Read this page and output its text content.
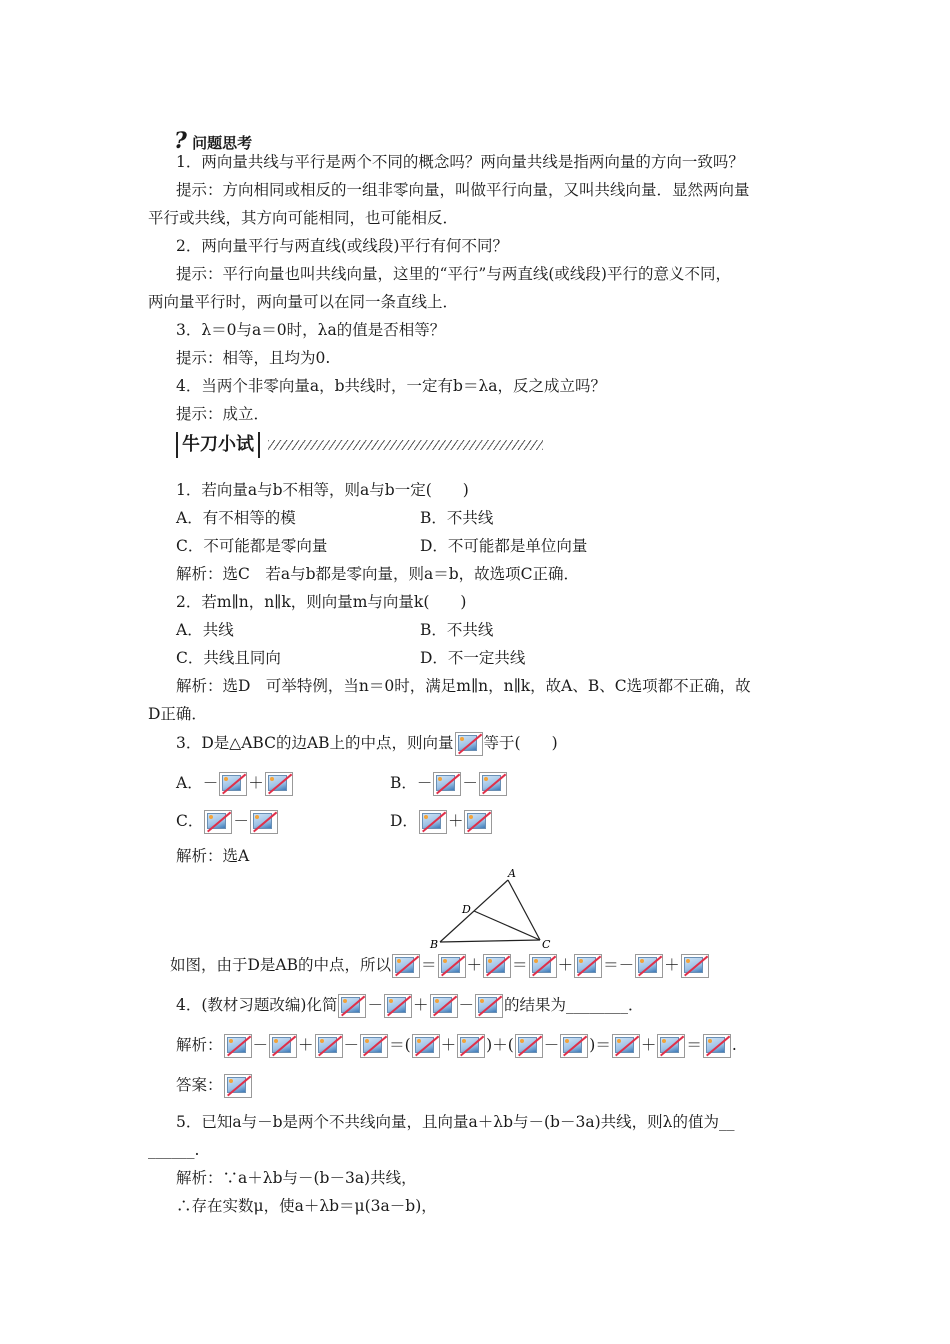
? 问题思考
1．两向量共线与平行是两个不同的概念吗？两向量共线是指两向量的方向一致吗？
提示：方向相同或相反的一组非零向量，叫做平行向量，又叫共线向量．显然两向量
平行或共线，其方向可能相同，也可能相反．
2．两向量平行与两直线(或线段)平行有何不同？
提示：平行向量也叫共线向量，这里的“平行”与两直线(或线段)平行的意义不同，
两向量平行时，两向量可以在同一条直线上．
3．λ＝0与a＝0时，λa的值是否相等？
提示：相等，且均为0.
4．当两个非零向量a，b共线时，一定有b＝λa，反之成立吗？
提示：成立．
牛刀小试
1．若向量a与b不相等，则a与b一定(　　)
A．有不相等的模	B．不共线
C．不可能都是零向量	D．不可能都是单位向量
解析：选C　若a与b都是零向量，则a＝b，故选项C正确．
2．若m∥n，n∥k，则向量m与向量k(　　)
A．共线	B．不共线
C．共线且同向	D．不一定共线
解析：选D　可举特例，当n＝0时，满足m∥n，n∥k，故A、B、C选项都不正确，故
D正确．
3．D是△ABC的边AB上的中点，则向量 等于(　　)
A．－ ＋	B．－ －
C． －	D． ＋
解析：选A
A
D
B	C
如图，由于D是AB的中点，所以 ＝ ＋ ＝ ＋ ＝－ ＋
4．(教材习题改编)化简 － ＋ － 的结果为________．
解析： － ＋ － ＝( ＋ )＋( － )＝ ＋ ＝ .
答案：
5．已知a与－b是两个不共线向量，且向量a＋λb与－(b－3a)共线，则λ的值为__
______.
解析：∵a＋λb与－(b－3a)共线，
∴存在实数μ，使a＋λb＝μ(3a－b)，
